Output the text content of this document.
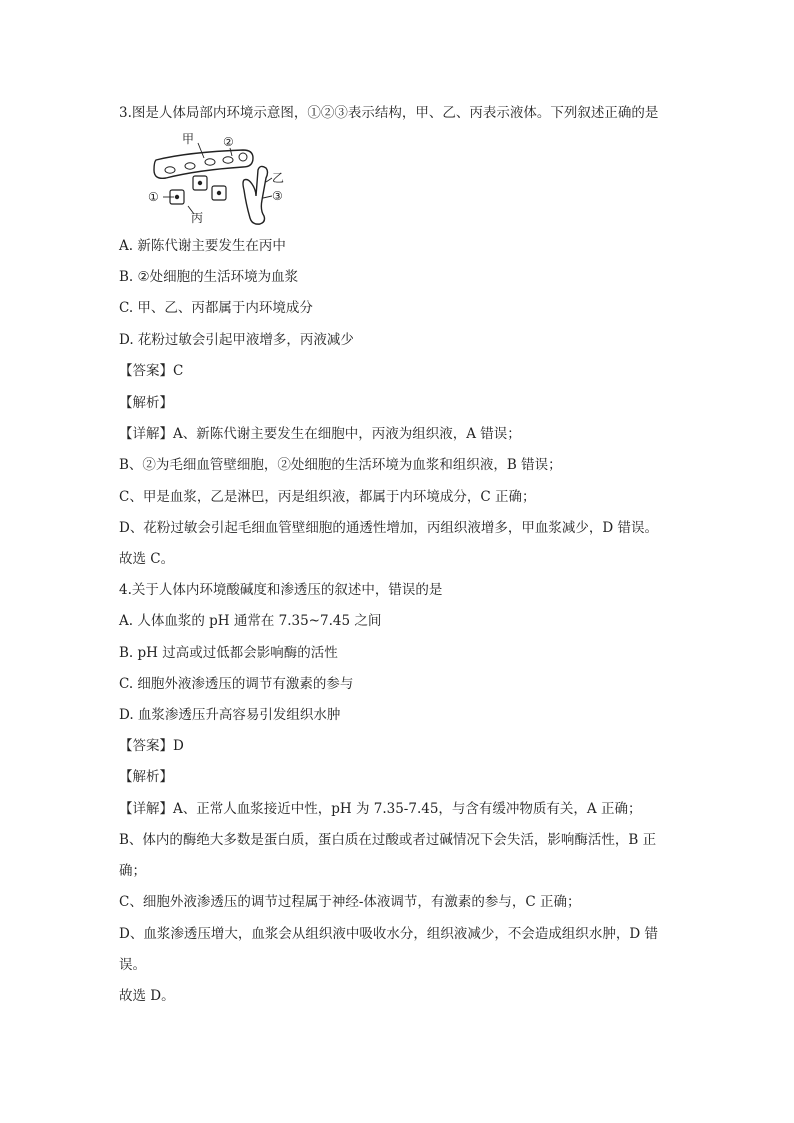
3.图是人体局部内环境示意图，①②③表示结构，甲、乙、丙表示液体。下列叙述正确的是
甲 ②
①
丙
乙
③
A. 新陈代谢主要发生在丙中
B. ②处细胞的生活环境为血浆
C. 甲、乙、丙都属于内环境成分
D. 花粉过敏会引起甲液增多，丙液减少
【答案】C
【解析】
【详解】A、新陈代谢主要发生在细胞中，丙液为组织液，A 错误；
B、②为毛细血管壁细胞，②处细胞的生活环境为血浆和组织液，B 错误；
C、甲是血浆，乙是淋巴，丙是组织液，都属于内环境成分，C 正确；
D、花粉过敏会引起毛细血管壁细胞的通透性增加，丙组织液增多，甲血浆减少，D 错误。
故选 C。
4.关于人体内环境酸碱度和渗透压的叙述中，错误的是
A. 人体血浆的 pH 通常在 7.35~7.45 之间
B. pH 过高或过低都会影响酶的活性
C. 细胞外液渗透压的调节有激素的参与
D. 血浆渗透压升高容易引发组织水肿
【答案】D
【解析】
【详解】A、正常人血浆接近中性，pH 为 7.35-7.45，与含有缓冲物质有关，A 正确；
B、体内的酶绝大多数是蛋白质，蛋白质在过酸或者过碱情况下会失活，影响酶活性，B 正
确；
C、细胞外液渗透压的调节过程属于神经-体液调节，有激素的参与，C 正确；
D、血浆渗透压增大，血浆会从组织液中吸收水分，组织液减少，不会造成组织水肿，D 错
误。
故选 D。
